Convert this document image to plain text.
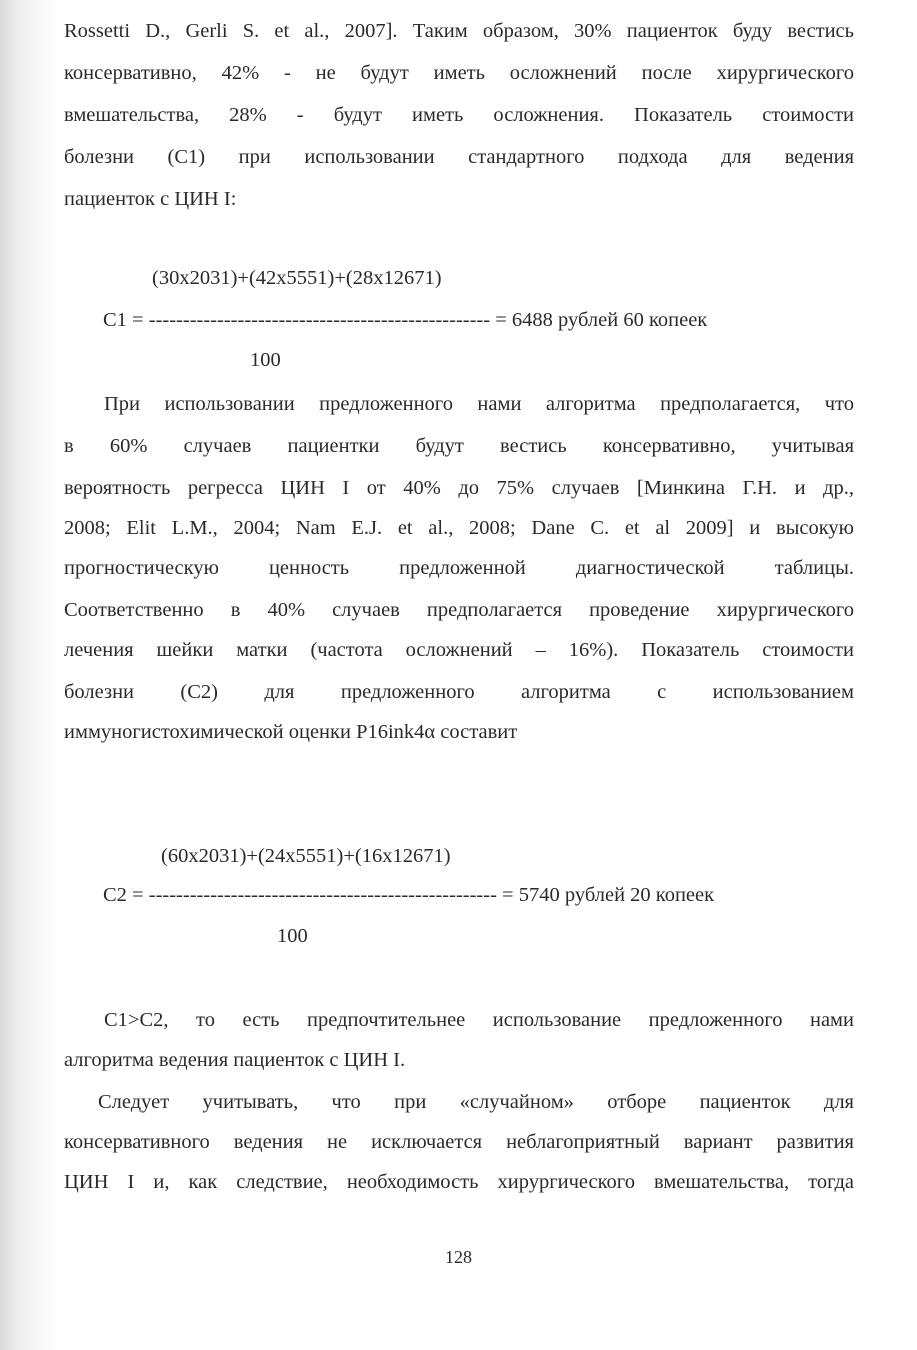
Rossetti D., Gerli S. et al., 2007]. Таким образом, 30% пациенток буду вестись
консервативно, 42% - не будут иметь осложнений после хирургического
вмешательства, 28% - будут иметь осложнения. Показатель стоимости
болезни (С1) при использовании стандартного подхода для ведения
пациенток с ЦИН I:
(30x2031)+(42x5551)+(28x12671)
C1 = -------------------------------------------------- = 6488 рублей 60 копеек
100
При использовании предложенного нами алгоритма предполагается, что
в 60% случаев пациентки будут вестись консервативно, учитывая
вероятность регресса ЦИН I от 40% до 75% случаев [Минкина Г.Н. и др.,
2008; Elit L.M., 2004; Nam E.J. et al., 2008; Dane C. et al 2009] и высокую
прогностическую ценность предложенной диагностической таблицы.
Соответственно в 40% случаев предполагается проведение хирургического
лечения шейки матки (частота осложнений – 16%). Показатель стоимости
болезни (С2) для предложенного алгоритма с использованием
иммуногистохимической оценки P16ink4α составит
(60x2031)+(24x5551)+(16x12671)
C2 = --------------------------------------------------- = 5740 рублей 20 копеек
100
C1>C2, то есть предпочтительнее использование предложенного нами
алгоритма ведения пациенток с ЦИН I.
Следует учитывать, что при «случайном» отборе пациенток для
консервативного ведения не исключается неблагоприятный вариант развития
ЦИН I и, как следствие, необходимость хирургического вмешательства, тогда
128
